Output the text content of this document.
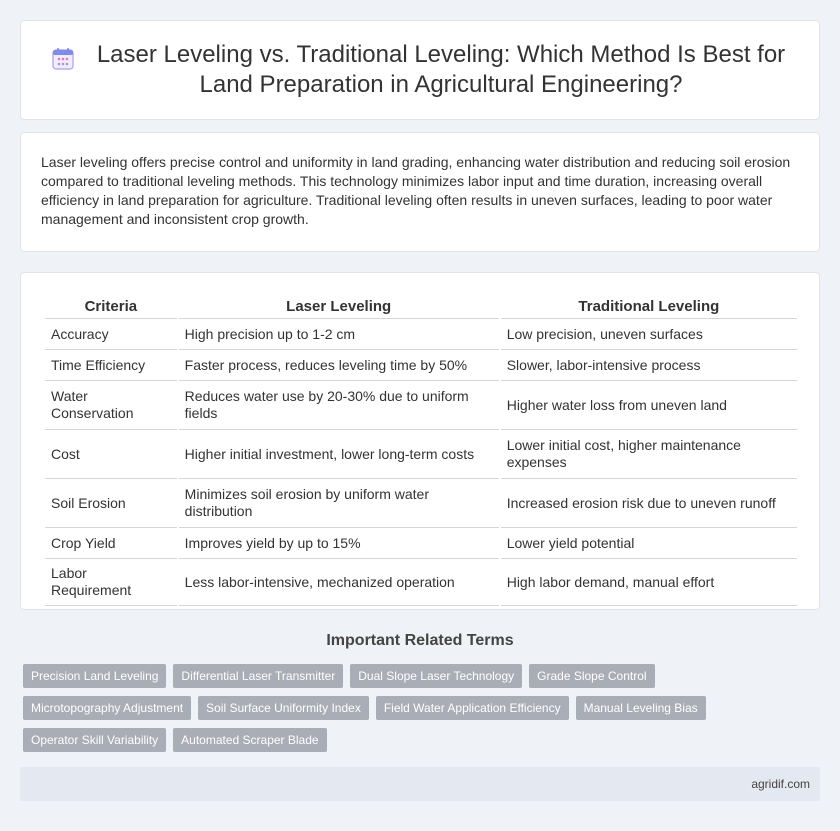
Laser Leveling vs. Traditional Leveling: Which Method Is Best for Land Preparation in Agricultural Engineering?

Laser leveling offers precise control and uniformity in land grading, enhancing water distribution and reducing soil erosion compared to traditional leveling methods. This technology minimizes labor input and time duration, increasing overall efficiency in land preparation for agriculture. Traditional leveling often results in uneven surfaces, leading to poor water management and inconsistent crop growth.

Criteria	Laser Leveling	Traditional Leveling
Accuracy	High precision up to 1-2 cm	Low precision, uneven surfaces
Time Efficiency	Faster process, reduces leveling time by 50%	Slower, labor-intensive process
Water Conservation	Reduces water use by 20-30% due to uniform fields	Higher water loss from uneven land
Cost	Higher initial investment, lower long-term costs	Lower initial cost, higher maintenance expenses
Soil Erosion	Minimizes soil erosion by uniform water distribution	Increased erosion risk due to uneven runoff
Crop Yield	Improves yield by up to 15%	Lower yield potential
Labor Requirement	Less labor-intensive, mechanized operation	High labor demand, manual effort
Important Related Terms
Precision Land Leveling	Differential Laser Transmitter	Dual Slope Laser Technology	Grade Slope Control
Microtopography Adjustment	Soil Surface Uniformity Index	Field Water Application Efficiency	Manual Leveling Bias
Operator Skill Variability	Automated Scraper Blade
agridif.com
